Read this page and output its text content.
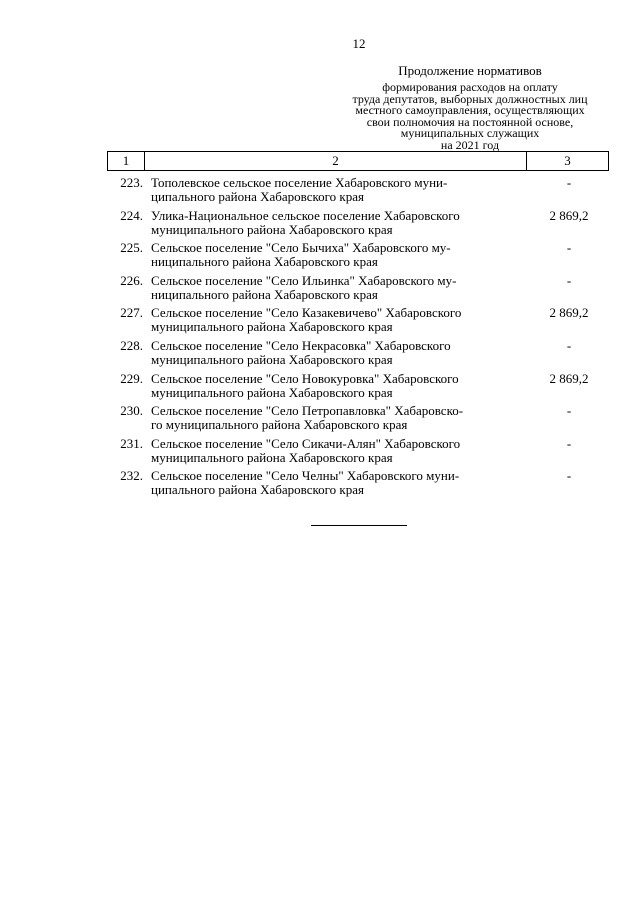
12
Продолжение нормативов
формирования расходов на оплату
труда депутатов, выборных должностных лиц
местного самоуправления, осуществляющих
свои полномочия на постоянной основе,
муниципальных служащих
на 2021 год
1	2	3
223. Тополевское сельское поселение Хабаровского муни-
ципального района Хабаровского края
-
224. Улика-Национальное сельское поселение Хабаровского
муниципального района Хабаровского края
2 869,2
225. Сельское поселение "Село Бычиха" Хабаровского му-
ниципального района Хабаровского края
-
226. Сельское поселение "Село Ильинка" Хабаровского му-
ниципального района Хабаровского края
-
227. Сельское поселение "Село Казакевичево" Хабаровского
муниципального района Хабаровского края
2 869,2
228. Сельское поселение "Село Некрасовка" Хабаровского
муниципального района Хабаровского края
-
229. Сельское поселение "Село Новокуровка" Хабаровского
муниципального района Хабаровского края
2 869,2
230. Сельское поселение "Село Петропавловка" Хабаровско-
го муниципального района Хабаровского края
-
231. Сельское поселение "Село Сикачи-Алян" Хабаровского
муниципального района Хабаровского края
-
232. Сельское поселение "Село Челны" Хабаровского муни-
ципального района Хабаровского края
-
